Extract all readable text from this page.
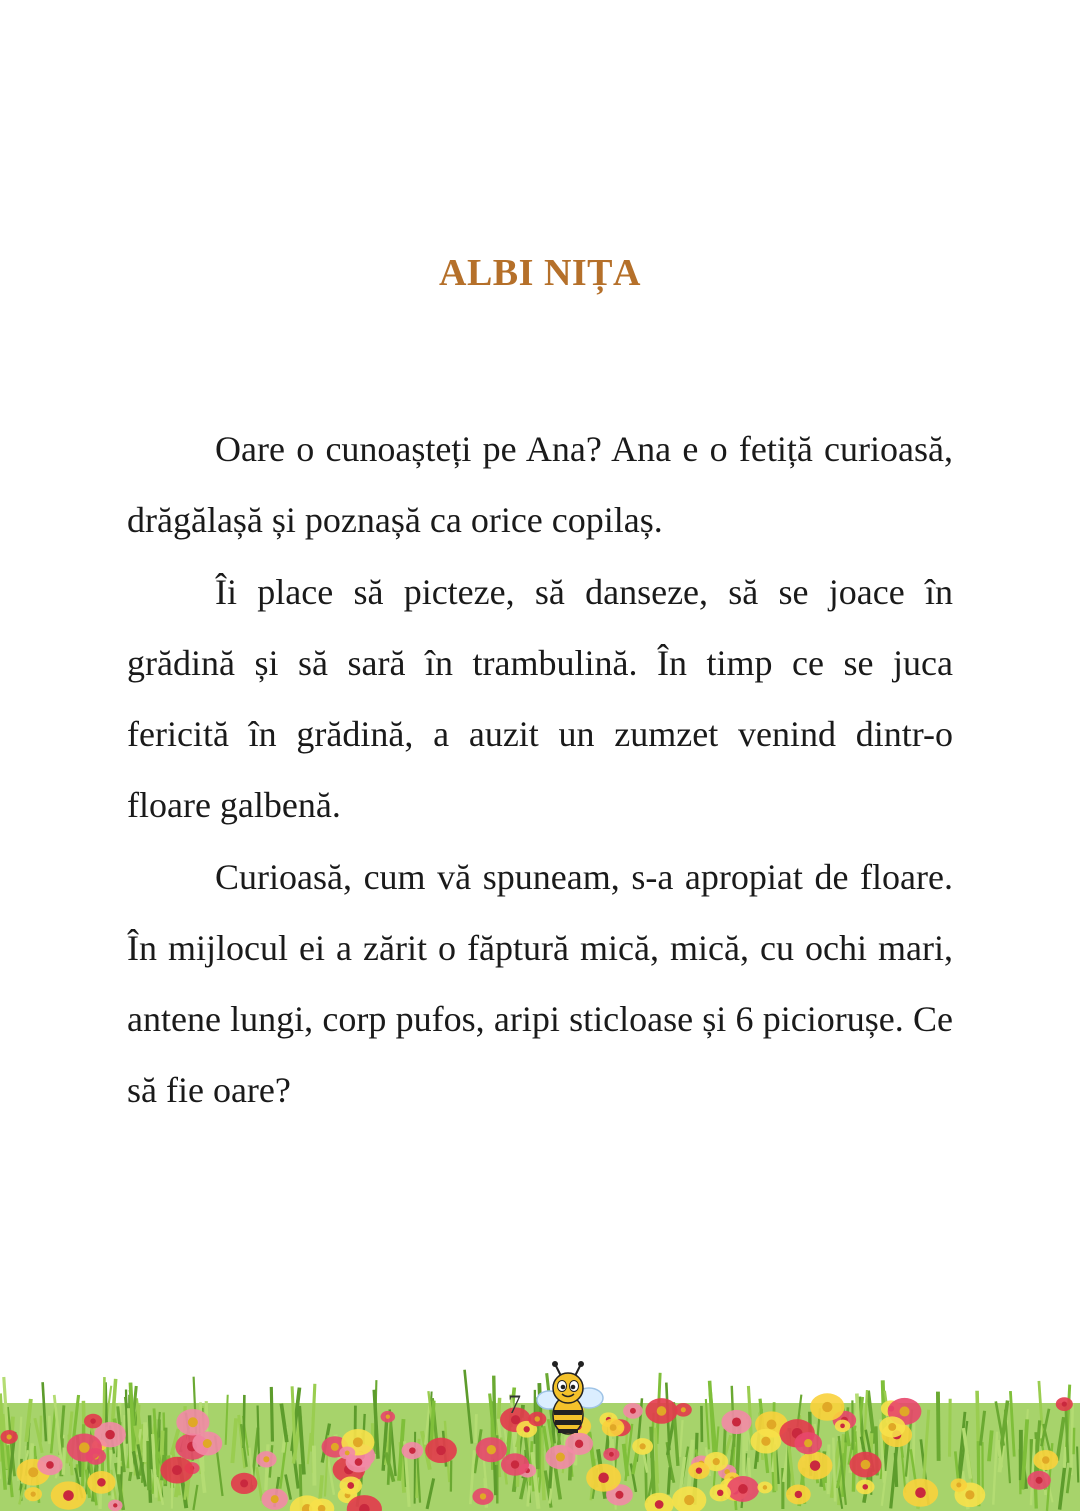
ALBI NIȚA

Oare o cunoașteți pe Ana? Ana e o fetiță curioasă, drăgălașă și poznașă ca orice copilaș.

Îi place să picteze, să danseze, să se joace în grădină și să sară în trambulină. În timp ce se juca fericită în grădină, a auzit un zumzet venind dintr-o floare galbenă.

Curioasă, cum vă spuneam, s-a apropiat de floare. În mijlocul ei a zărit o făptură mică, mică, cu ochi mari, antene lungi, corp pufos, aripi sticloase și 6 piciorușe. Ce să fie oare?

7
